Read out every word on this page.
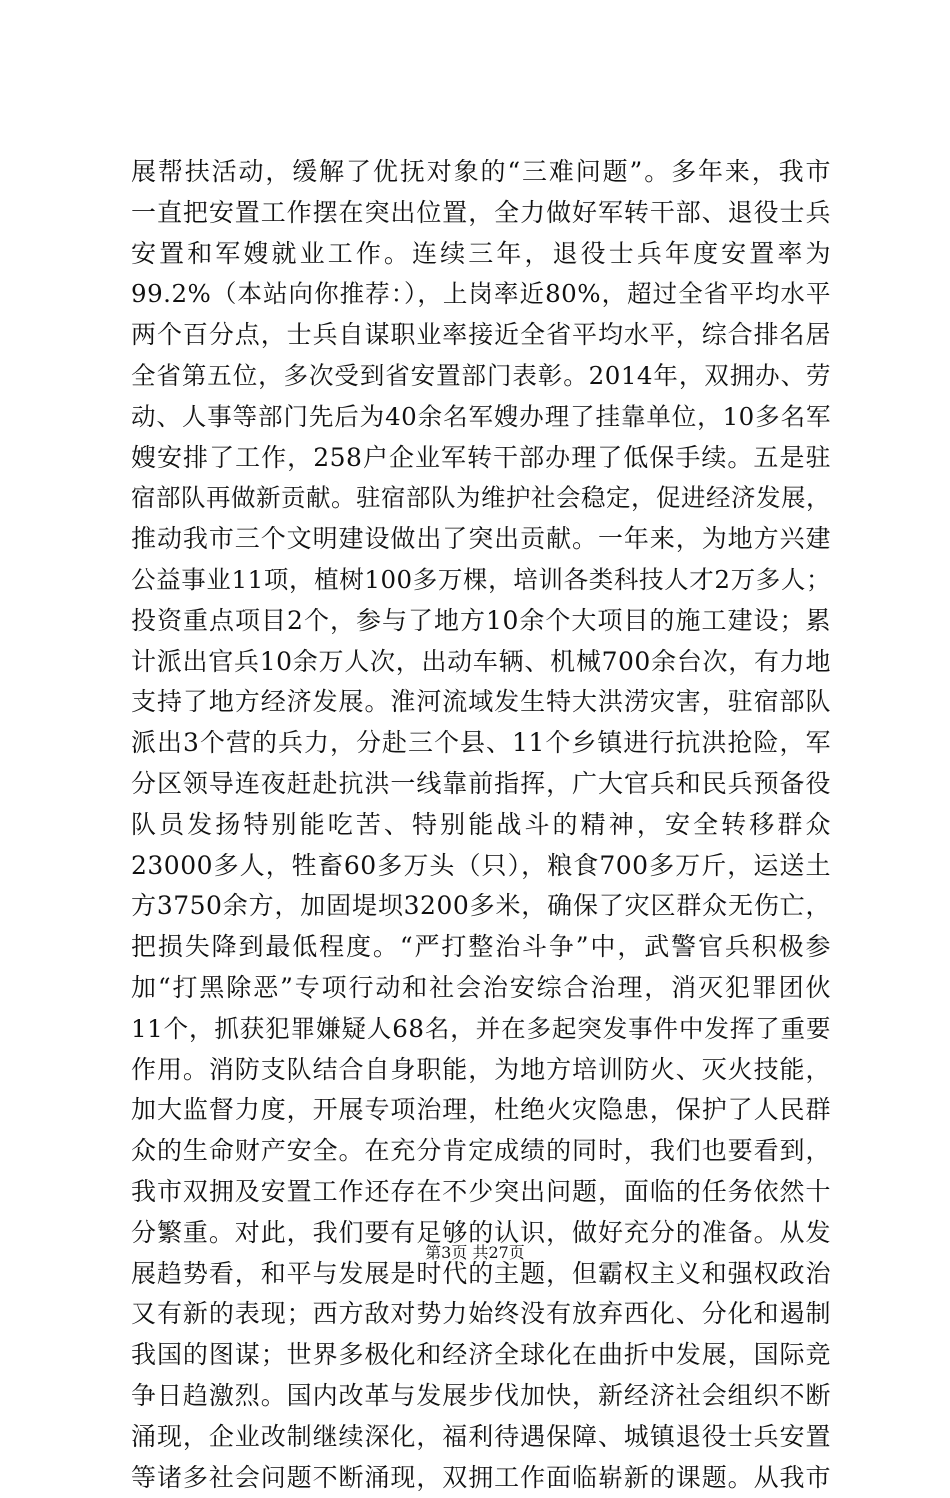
展帮扶活动，缓解了优抚对象的“三难问题”。多年来，我市
一直把安置工作摆在突出位置，全力做好军转干部、退役士兵
安置和军嫂就业工作。连续三年，退役士兵年度安置率为
99.2%（本站向你推荐：），上岗率近80%，超过全省平均水平
两个百分点，士兵自谋职业率接近全省平均水平，综合排名居
全省第五位，多次受到省安置部门表彰。2014年，双拥办、劳
动、人事等部门先后为40余名军嫂办理了挂靠单位，10多名军
嫂安排了工作，258户企业军转干部办理了低保手续。五是驻
宿部队再做新贡献。驻宿部队为维护社会稳定，促进经济发展，
推动我市三个文明建设做出了突出贡献。一年来，为地方兴建
公益事业11项，植树100多万棵，培训各类科技人才2万多人；
投资重点项目2个，参与了地方10余个大项目的施工建设；累
计派出官兵10余万人次，出动车辆、机械700余台次，有力地
支持了地方经济发展。淮河流域发生特大洪涝灾害，驻宿部队
派出3个营的兵力，分赴三个县、11个乡镇进行抗洪抢险，军
分区领导连夜赶赴抗洪一线靠前指挥，广大官兵和民兵预备役
队员发扬特别能吃苦、特别能战斗的精神，安全转移群众
23000多人，牲畜60多万头（只），粮食700多万斤，运送土
方3750余方，加固堤坝3200多米，确保了灾区群众无伤亡，
把损失降到最低程度。“严打整治斗争”中，武警官兵积极参
加“打黑除恶”专项行动和社会治安综合治理，消灭犯罪团伙
11个，抓获犯罪嫌疑人68名，并在多起突发事件中发挥了重要
作用。消防支队结合自身职能，为地方培训防火、灭火技能，
加大监督力度，开展专项治理，杜绝火灾隐患，保护了人民群
众的生命财产安全。在充分肯定成绩的同时，我们也要看到，
我市双拥及安置工作还存在不少突出问题，面临的任务依然十
分繁重。对此，我们要有足够的认识，做好充分的准备。从发
展趋势看，和平与发展是时代的主题，但霸权主义和强权政治
又有新的表现；西方敌对势力始终没有放弃西化、分化和遏制
我国的图谋；世界多极化和经济全球化在曲折中发展，国际竞
争日趋激烈。国内改革与发展步伐加快，新经济社会组织不断
涌现，企业改制继续深化，福利待遇保障、城镇退役士兵安置
等诸多社会问题不断涌现，双拥工作面临崭新的课题。从我市
第3页 共27页
